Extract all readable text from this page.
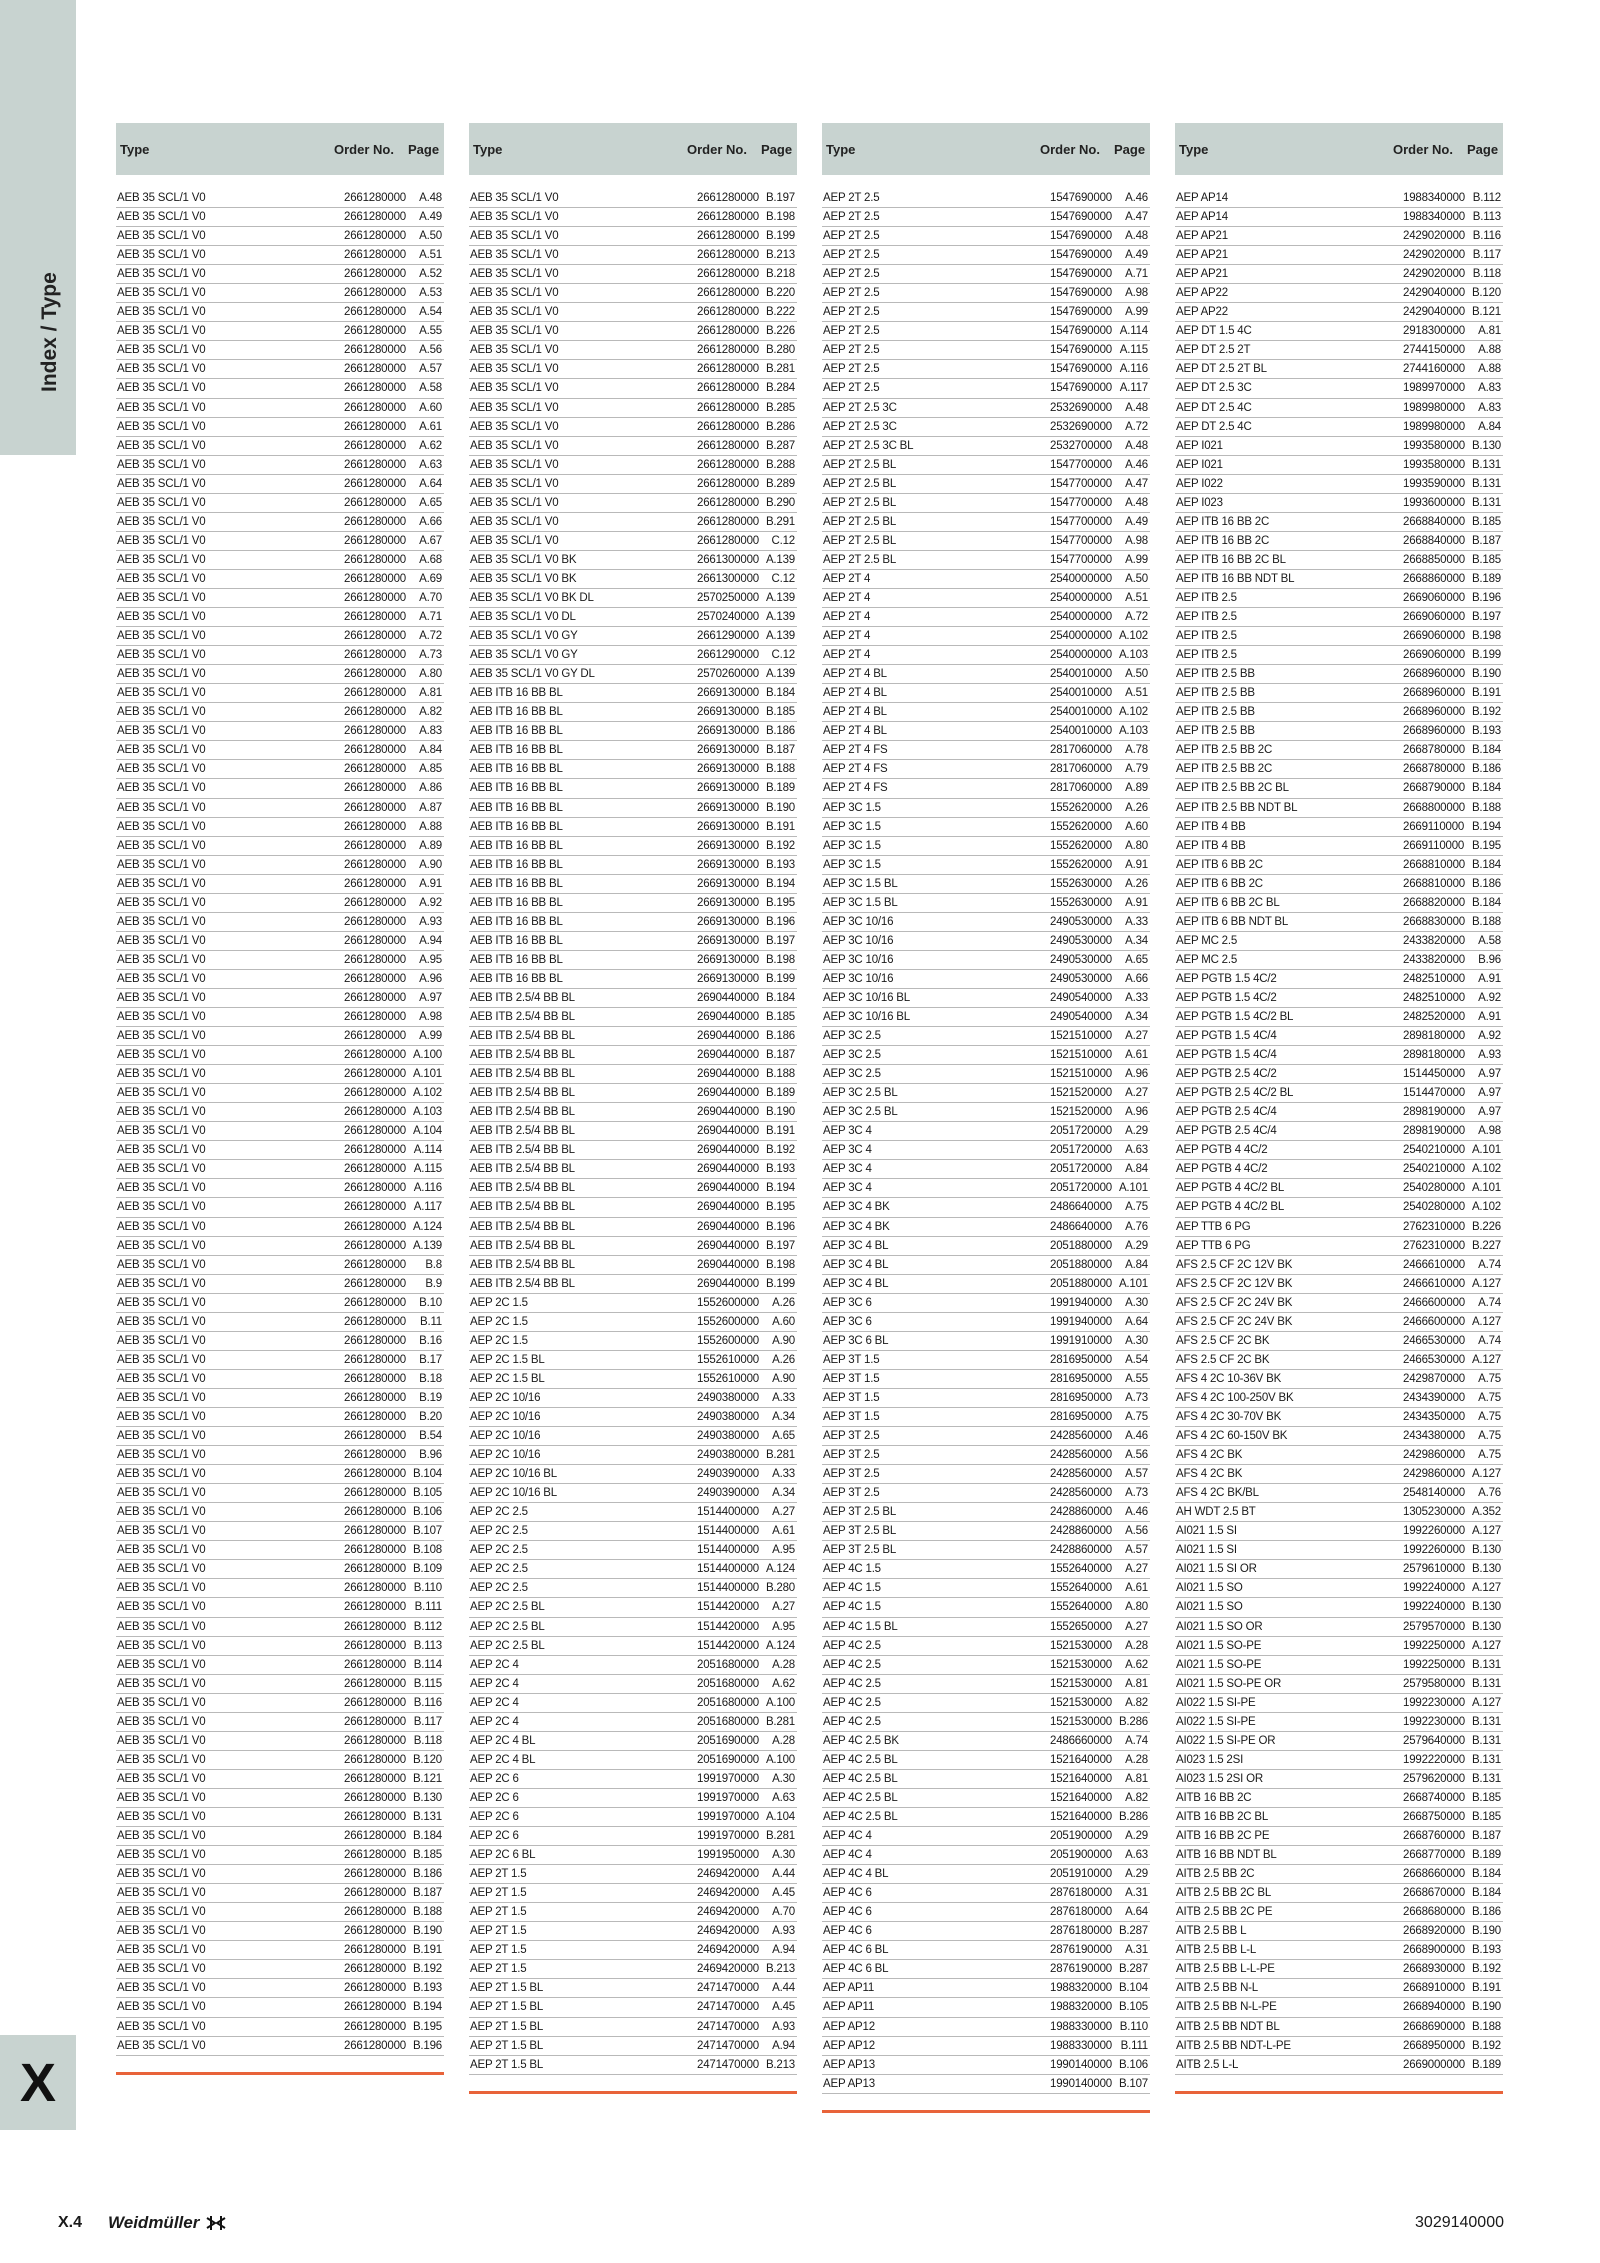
Index / Type
X
Type	Order No.	Page
AEB 35 SCL/1 V0	2661280000	A.48
AEB 35 SCL/1 V0	2661280000	A.49
AEB 35 SCL/1 V0	2661280000	A.50
AEB 35 SCL/1 V0	2661280000	A.51
AEB 35 SCL/1 V0	2661280000	A.52
AEB 35 SCL/1 V0	2661280000	A.53
AEB 35 SCL/1 V0	2661280000	A.54
AEB 35 SCL/1 V0	2661280000	A.55
AEB 35 SCL/1 V0	2661280000	A.56
AEB 35 SCL/1 V0	2661280000	A.57
AEB 35 SCL/1 V0	2661280000	A.58
AEB 35 SCL/1 V0	2661280000	A.60
AEB 35 SCL/1 V0	2661280000	A.61
AEB 35 SCL/1 V0	2661280000	A.62
AEB 35 SCL/1 V0	2661280000	A.63
AEB 35 SCL/1 V0	2661280000	A.64
AEB 35 SCL/1 V0	2661280000	A.65
AEB 35 SCL/1 V0	2661280000	A.66
AEB 35 SCL/1 V0	2661280000	A.67
AEB 35 SCL/1 V0	2661280000	A.68
AEB 35 SCL/1 V0	2661280000	A.69
AEB 35 SCL/1 V0	2661280000	A.70
AEB 35 SCL/1 V0	2661280000	A.71
AEB 35 SCL/1 V0	2661280000	A.72
AEB 35 SCL/1 V0	2661280000	A.73
AEB 35 SCL/1 V0	2661280000	A.80
AEB 35 SCL/1 V0	2661280000	A.81
AEB 35 SCL/1 V0	2661280000	A.82
AEB 35 SCL/1 V0	2661280000	A.83
AEB 35 SCL/1 V0	2661280000	A.84
AEB 35 SCL/1 V0	2661280000	A.85
AEB 35 SCL/1 V0	2661280000	A.86
AEB 35 SCL/1 V0	2661280000	A.87
AEB 35 SCL/1 V0	2661280000	A.88
AEB 35 SCL/1 V0	2661280000	A.89
AEB 35 SCL/1 V0	2661280000	A.90
AEB 35 SCL/1 V0	2661280000	A.91
AEB 35 SCL/1 V0	2661280000	A.92
AEB 35 SCL/1 V0	2661280000	A.93
AEB 35 SCL/1 V0	2661280000	A.94
AEB 35 SCL/1 V0	2661280000	A.95
AEB 35 SCL/1 V0	2661280000	A.96
AEB 35 SCL/1 V0	2661280000	A.97
AEB 35 SCL/1 V0	2661280000	A.98
AEB 35 SCL/1 V0	2661280000	A.99
AEB 35 SCL/1 V0	2661280000 A.100
AEB 35 SCL/1 V0	2661280000 A.101
AEB 35 SCL/1 V0	2661280000 A.102
AEB 35 SCL/1 V0	2661280000 A.103
AEB 35 SCL/1 V0	2661280000 A.104
AEB 35 SCL/1 V0	2661280000 A.114
AEB 35 SCL/1 V0	2661280000 A.115
AEB 35 SCL/1 V0	2661280000 A.116
AEB 35 SCL/1 V0	2661280000 A.117
AEB 35 SCL/1 V0	2661280000 A.124
AEB 35 SCL/1 V0	2661280000 A.139
AEB 35 SCL/1 V0	2661280000	B.8
AEB 35 SCL/1 V0	2661280000	B.9
AEB 35 SCL/1 V0	2661280000	B.10
AEB 35 SCL/1 V0	2661280000	B.11
AEB 35 SCL/1 V0	2661280000	B.16
AEB 35 SCL/1 V0	2661280000	B.17
AEB 35 SCL/1 V0	2661280000	B.18
AEB 35 SCL/1 V0	2661280000	B.19
AEB 35 SCL/1 V0	2661280000	B.20
AEB 35 SCL/1 V0	2661280000	B.54
AEB 35 SCL/1 V0	2661280000	B.96
AEB 35 SCL/1 V0	2661280000 B.104
AEB 35 SCL/1 V0	2661280000 B.105
AEB 35 SCL/1 V0	2661280000 B.106
AEB 35 SCL/1 V0	2661280000 B.107
AEB 35 SCL/1 V0	2661280000 B.108
AEB 35 SCL/1 V0	2661280000 B.109
AEB 35 SCL/1 V0	2661280000 B.110
AEB 35 SCL/1 V0	2661280000 B.111
AEB 35 SCL/1 V0	2661280000 B.112
AEB 35 SCL/1 V0	2661280000 B.113
AEB 35 SCL/1 V0	2661280000 B.114
AEB 35 SCL/1 V0	2661280000 B.115
AEB 35 SCL/1 V0	2661280000 B.116
AEB 35 SCL/1 V0	2661280000 B.117
AEB 35 SCL/1 V0	2661280000 B.118
AEB 35 SCL/1 V0	2661280000 B.120
AEB 35 SCL/1 V0	2661280000 B.121
AEB 35 SCL/1 V0	2661280000 B.130
AEB 35 SCL/1 V0	2661280000 B.131
AEB 35 SCL/1 V0	2661280000 B.184
AEB 35 SCL/1 V0	2661280000 B.185
AEB 35 SCL/1 V0	2661280000 B.186
AEB 35 SCL/1 V0	2661280000 B.187
AEB 35 SCL/1 V0	2661280000 B.188
AEB 35 SCL/1 V0	2661280000 B.190
AEB 35 SCL/1 V0	2661280000 B.191
AEB 35 SCL/1 V0	2661280000 B.192
AEB 35 SCL/1 V0	2661280000 B.193
AEB 35 SCL/1 V0	2661280000 B.194
AEB 35 SCL/1 V0	2661280000 B.195
AEB 35 SCL/1 V0	2661280000 B.196
Type	Order No.	Page
AEB 35 SCL/1 V0	2661280000 B.197
AEB 35 SCL/1 V0	2661280000 B.198
AEB 35 SCL/1 V0	2661280000 B.199
AEB 35 SCL/1 V0	2661280000 B.213
AEB 35 SCL/1 V0	2661280000 B.218
AEB 35 SCL/1 V0	2661280000 B.220
AEB 35 SCL/1 V0	2661280000 B.222
AEB 35 SCL/1 V0	2661280000 B.226
AEB 35 SCL/1 V0	2661280000 B.280
AEB 35 SCL/1 V0	2661280000 B.281
AEB 35 SCL/1 V0	2661280000 B.284
AEB 35 SCL/1 V0	2661280000 B.285
AEB 35 SCL/1 V0	2661280000 B.286
AEB 35 SCL/1 V0	2661280000 B.287
AEB 35 SCL/1 V0	2661280000 B.288
AEB 35 SCL/1 V0	2661280000 B.289
AEB 35 SCL/1 V0	2661280000 B.290
AEB 35 SCL/1 V0	2661280000 B.291
AEB 35 SCL/1 V0	2661280000	C.12
AEB 35 SCL/1 V0 BK	2661300000 A.139
AEB 35 SCL/1 V0 BK	2661300000	C.12
AEB 35 SCL/1 V0 BK DL	2570250000 A.139
AEB 35 SCL/1 V0 DL	2570240000 A.139
AEB 35 SCL/1 V0 GY	2661290000 A.139
AEB 35 SCL/1 V0 GY	2661290000	C.12
AEB 35 SCL/1 V0 GY DL	2570260000 A.139
AEB ITB 16 BB BL	2669130000 B.184
AEB ITB 16 BB BL	2669130000 B.185
AEB ITB 16 BB BL	2669130000 B.186
AEB ITB 16 BB BL	2669130000 B.187
AEB ITB 16 BB BL	2669130000 B.188
AEB ITB 16 BB BL	2669130000 B.189
AEB ITB 16 BB BL	2669130000 B.190
AEB ITB 16 BB BL	2669130000 B.191
AEB ITB 16 BB BL	2669130000 B.192
AEB ITB 16 BB BL	2669130000 B.193
AEB ITB 16 BB BL	2669130000 B.194
AEB ITB 16 BB BL	2669130000 B.195
AEB ITB 16 BB BL	2669130000 B.196
AEB ITB 16 BB BL	2669130000 B.197
AEB ITB 16 BB BL	2669130000 B.198
AEB ITB 16 BB BL	2669130000 B.199
AEB ITB 2.5/4 BB BL	2690440000 B.184
AEB ITB 2.5/4 BB BL	2690440000 B.185
AEB ITB 2.5/4 BB BL	2690440000 B.186
AEB ITB 2.5/4 BB BL	2690440000 B.187
AEB ITB 2.5/4 BB BL	2690440000 B.188
AEB ITB 2.5/4 BB BL	2690440000 B.189
AEB ITB 2.5/4 BB BL	2690440000 B.190
AEB ITB 2.5/4 BB BL	2690440000 B.191
AEB ITB 2.5/4 BB BL	2690440000 B.192
AEB ITB 2.5/4 BB BL	2690440000 B.193
AEB ITB 2.5/4 BB BL	2690440000 B.194
AEB ITB 2.5/4 BB BL	2690440000 B.195
AEB ITB 2.5/4 BB BL	2690440000 B.196
AEB ITB 2.5/4 BB BL	2690440000 B.197
AEB ITB 2.5/4 BB BL	2690440000 B.198
AEB ITB 2.5/4 BB BL	2690440000 B.199
AEP 2C 1.5	1552600000	A.26
AEP 2C 1.5	1552600000	A.60
AEP 2C 1.5	1552600000	A.90
AEP 2C 1.5 BL	1552610000	A.26
AEP 2C 1.5 BL	1552610000	A.90
AEP 2C 10/16	2490380000	A.33
AEP 2C 10/16	2490380000	A.34
AEP 2C 10/16	2490380000	A.65
AEP 2C 10/16	2490380000 B.281
AEP 2C 10/16 BL	2490390000	A.33
AEP 2C 10/16 BL	2490390000	A.34
AEP 2C 2.5	1514400000	A.27
AEP 2C 2.5	1514400000	A.61
AEP 2C 2.5	1514400000	A.95
AEP 2C 2.5	1514400000 A.124
AEP 2C 2.5	1514400000 B.280
AEP 2C 2.5 BL	1514420000	A.27
AEP 2C 2.5 BL	1514420000	A.95
AEP 2C 2.5 BL	1514420000 A.124
AEP 2C 4	2051680000	A.28
AEP 2C 4	2051680000	A.62
AEP 2C 4	2051680000 A.100
AEP 2C 4	2051680000 B.281
AEP 2C 4 BL	2051690000	A.28
AEP 2C 4 BL	2051690000 A.100
AEP 2C 6	1991970000	A.30
AEP 2C 6	1991970000	A.63
AEP 2C 6	1991970000 A.104
AEP 2C 6	1991970000 B.281
AEP 2C 6 BL	1991950000	A.30
AEP 2T 1.5	2469420000	A.44
AEP 2T 1.5	2469420000	A.45
AEP 2T 1.5	2469420000	A.70
AEP 2T 1.5	2469420000	A.93
AEP 2T 1.5	2469420000	A.94
AEP 2T 1.5	2469420000 B.213
AEP 2T 1.5 BL	2471470000	A.44
AEP 2T 1.5 BL	2471470000	A.45
AEP 2T 1.5 BL	2471470000	A.93
AEP 2T 1.5 BL	2471470000	A.94
AEP 2T 1.5 BL	2471470000 B.213
Type	Order No.	Page
AEP 2T 2.5	1547690000	A.46
AEP 2T 2.5	1547690000	A.47
AEP 2T 2.5	1547690000	A.48
AEP 2T 2.5	1547690000	A.49
AEP 2T 2.5	1547690000	A.71
AEP 2T 2.5	1547690000	A.98
AEP 2T 2.5	1547690000	A.99
AEP 2T 2.5	1547690000 A.114
AEP 2T 2.5	1547690000 A.115
AEP 2T 2.5	1547690000 A.116
AEP 2T 2.5	1547690000 A.117
AEP 2T 2.5 3C	2532690000	A.48
AEP 2T 2.5 3C	2532690000	A.72
AEP 2T 2.5 3C BL	2532700000	A.48
AEP 2T 2.5 BL	1547700000	A.46
AEP 2T 2.5 BL	1547700000	A.47
AEP 2T 2.5 BL	1547700000	A.48
AEP 2T 2.5 BL	1547700000	A.49
AEP 2T 2.5 BL	1547700000	A.98
AEP 2T 2.5 BL	1547700000	A.99
AEP 2T 4	2540000000	A.50
AEP 2T 4	2540000000	A.51
AEP 2T 4	2540000000	A.72
AEP 2T 4	2540000000 A.102
AEP 2T 4	2540000000 A.103
AEP 2T 4 BL	2540010000	A.50
AEP 2T 4 BL	2540010000	A.51
AEP 2T 4 BL	2540010000 A.102
AEP 2T 4 BL	2540010000 A.103
AEP 2T 4 FS	2817060000	A.78
AEP 2T 4 FS	2817060000	A.79
AEP 2T 4 FS	2817060000	A.89
AEP 3C 1.5	1552620000	A.26
AEP 3C 1.5	1552620000	A.60
AEP 3C 1.5	1552620000	A.80
AEP 3C 1.5	1552620000	A.91
AEP 3C 1.5 BL	1552630000	A.26
AEP 3C 1.5 BL	1552630000	A.91
AEP 3C 10/16	2490530000	A.33
AEP 3C 10/16	2490530000	A.34
AEP 3C 10/16	2490530000	A.65
AEP 3C 10/16	2490530000	A.66
AEP 3C 10/16 BL	2490540000	A.33
AEP 3C 10/16 BL	2490540000	A.34
AEP 3C 2.5	1521510000	A.27
AEP 3C 2.5	1521510000	A.61
AEP 3C 2.5	1521510000	A.96
AEP 3C 2.5 BL	1521520000	A.27
AEP 3C 2.5 BL	1521520000	A.96
AEP 3C 4	2051720000	A.29
AEP 3C 4	2051720000	A.63
AEP 3C 4	2051720000	A.84
AEP 3C 4	2051720000 A.101
AEP 3C 4 BK	2486640000	A.75
AEP 3C 4 BK	2486640000	A.76
AEP 3C 4 BL	2051880000	A.29
AEP 3C 4 BL	2051880000	A.84
AEP 3C 4 BL	2051880000 A.101
AEP 3C 6	1991940000	A.30
AEP 3C 6	1991940000	A.64
AEP 3C 6 BL	1991910000	A.30
AEP 3T 1.5	2816950000	A.54
AEP 3T 1.5	2816950000	A.55
AEP 3T 1.5	2816950000	A.73
AEP 3T 1.5	2816950000	A.75
AEP 3T 2.5	2428560000	A.46
AEP 3T 2.5	2428560000	A.56
AEP 3T 2.5	2428560000	A.57
AEP 3T 2.5	2428560000	A.73
AEP 3T 2.5 BL	2428860000	A.46
AEP 3T 2.5 BL	2428860000	A.56
AEP 3T 2.5 BL	2428860000	A.57
AEP 4C 1.5	1552640000	A.27
AEP 4C 1.5	1552640000	A.61
AEP 4C 1.5	1552640000	A.80
AEP 4C 1.5 BL	1552650000	A.27
AEP 4C 2.5	1521530000	A.28
AEP 4C 2.5	1521530000	A.62
AEP 4C 2.5	1521530000	A.81
AEP 4C 2.5	1521530000	A.82
AEP 4C 2.5	1521530000 B.286
AEP 4C 2.5 BK	2486660000	A.74
AEP 4C 2.5 BL	1521640000	A.28
AEP 4C 2.5 BL	1521640000	A.81
AEP 4C 2.5 BL	1521640000	A.82
AEP 4C 2.5 BL	1521640000 B.286
AEP 4C 4	2051900000	A.29
AEP 4C 4	2051900000	A.63
AEP 4C 4 BL	2051910000	A.29
AEP 4C 6	2876180000	A.31
AEP 4C 6	2876180000	A.64
AEP 4C 6	2876180000 B.287
AEP 4C 6 BL	2876190000	A.31
AEP 4C 6 BL	2876190000 B.287
AEP AP11	1988320000 B.104
AEP AP11	1988320000 B.105
AEP AP12	1988330000 B.110
AEP AP12	1988330000 B.111
AEP AP13	1990140000 B.106
AEP AP13	1990140000 B.107
Type	Order No.	Page
AEP AP14	1988340000 B.112
AEP AP14	1988340000 B.113
AEP AP21	2429020000 B.116
AEP AP21	2429020000 B.117
AEP AP21	2429020000 B.118
AEP AP22	2429040000 B.120
AEP AP22	2429040000 B.121
AEP DT 1.5 4C	2918300000	A.81
AEP DT 2.5 2T	2744150000	A.88
AEP DT 2.5 2T BL	2744160000	A.88
AEP DT 2.5 3C	1989970000	A.83
AEP DT 2.5 4C	1989980000	A.83
AEP DT 2.5 4C	1989980000	A.84
AEP I021	1993580000 B.130
AEP I021	1993580000 B.131
AEP I022	1993590000 B.131
AEP I023	1993600000 B.131
AEP ITB 16 BB 2C	2668840000 B.185
AEP ITB 16 BB 2C	2668840000 B.187
AEP ITB 16 BB 2C BL	2668850000 B.185
AEP ITB 16 BB NDT BL	2668860000 B.189
AEP ITB 2.5	2669060000 B.196
AEP ITB 2.5	2669060000 B.197
AEP ITB 2.5	2669060000 B.198
AEP ITB 2.5	2669060000 B.199
AEP ITB 2.5 BB	2668960000 B.190
AEP ITB 2.5 BB	2668960000 B.191
AEP ITB 2.5 BB	2668960000 B.192
AEP ITB 2.5 BB	2668960000 B.193
AEP ITB 2.5 BB 2C	2668780000 B.184
AEP ITB 2.5 BB 2C	2668780000 B.186
AEP ITB 2.5 BB 2C BL	2668790000 B.184
AEP ITB 2.5 BB NDT BL	2668800000 B.188
AEP ITB 4 BB	2669110000 B.194
AEP ITB 4 BB	2669110000 B.195
AEP ITB 6 BB 2C	2668810000 B.184
AEP ITB 6 BB 2C	2668810000 B.186
AEP ITB 6 BB 2C BL	2668820000 B.184
AEP ITB 6 BB NDT BL	2668830000 B.188
AEP MC 2.5	2433820000	A.58
AEP MC 2.5	2433820000	B.96
AEP PGTB 1.5 4C/2	2482510000	A.91
AEP PGTB 1.5 4C/2	2482510000	A.92
AEP PGTB 1.5 4C/2 BL	2482520000	A.91
AEP PGTB 1.5 4C/4	2898180000	A.92
AEP PGTB 1.5 4C/4	2898180000	A.93
AEP PGTB 2.5 4C/2	1514450000	A.97
AEP PGTB 2.5 4C/2 BL	1514470000	A.97
AEP PGTB 2.5 4C/4	2898190000	A.97
AEP PGTB 2.5 4C/4	2898190000	A.98
AEP PGTB 4 4C/2	2540210000 A.101
AEP PGTB 4 4C/2	2540210000 A.102
AEP PGTB 4 4C/2 BL	2540280000 A.101
AEP PGTB 4 4C/2 BL	2540280000 A.102
AEP TTB 6 PG	2762310000 B.226
AEP TTB 6 PG	2762310000 B.227
AFS 2.5 CF 2C 12V BK	2466610000	A.74
AFS 2.5 CF 2C 12V BK	2466610000 A.127
AFS 2.5 CF 2C 24V BK	2466600000	A.74
AFS 2.5 CF 2C 24V BK	2466600000 A.127
AFS 2.5 CF 2C BK	2466530000	A.74
AFS 2.5 CF 2C BK	2466530000 A.127
AFS 4 2C 10-36V BK	2429870000	A.75
AFS 4 2C 100-250V BK	2434390000	A.75
AFS 4 2C 30-70V BK	2434350000	A.75
AFS 4 2C 60-150V BK	2434380000	A.75
AFS 4 2C BK	2429860000	A.75
AFS 4 2C BK	2429860000 A.127
AFS 4 2C BK/BL	2548140000	A.76
AH WDT 2.5 BT	1305230000 A.352
AI021 1.5 SI	1992260000 A.127
AI021 1.5 SI	1992260000 B.130
AI021 1.5 SI OR	2579610000 B.130
AI021 1.5 SO	1992240000 A.127
AI021 1.5 SO	1992240000 B.130
AI021 1.5 SO OR	2579570000 B.130
AI021 1.5 SO-PE	1992250000 A.127
AI021 1.5 SO-PE	1992250000 B.131
AI021 1.5 SO-PE OR	2579580000 B.131
AI022 1.5 SI-PE	1992230000 A.127
AI022 1.5 SI-PE	1992230000 B.131
AI022 1.5 SI-PE OR	2579640000 B.131
AI023 1.5 2SI	1992220000 B.131
AI023 1.5 2SI OR	2579620000 B.131
AITB 16 BB 2C	2668740000 B.185
AITB 16 BB 2C BL	2668750000 B.185
AITB 16 BB 2C PE	2668760000 B.187
AITB 16 BB NDT BL	2668770000 B.189
AITB 2.5 BB 2C	2668660000 B.184
AITB 2.5 BB 2C BL	2668670000 B.184
AITB 2.5 BB 2C PE	2668680000 B.186
AITB 2.5 BB L	2668920000 B.190
AITB 2.5 BB L-L	2668900000 B.193
AITB 2.5 BB L-L-PE	2668930000 B.192
AITB 2.5 BB N-L	2668910000 B.191
AITB 2.5 BB N-L-PE	2668940000 B.190
AITB 2.5 BB NDT BL	2668690000 B.188
AITB 2.5 BB NDT-L-PE	2668950000 B.192
AITB 2.5 L-L	2669000000 B.189
X.4 Weidmüller	3029140000
